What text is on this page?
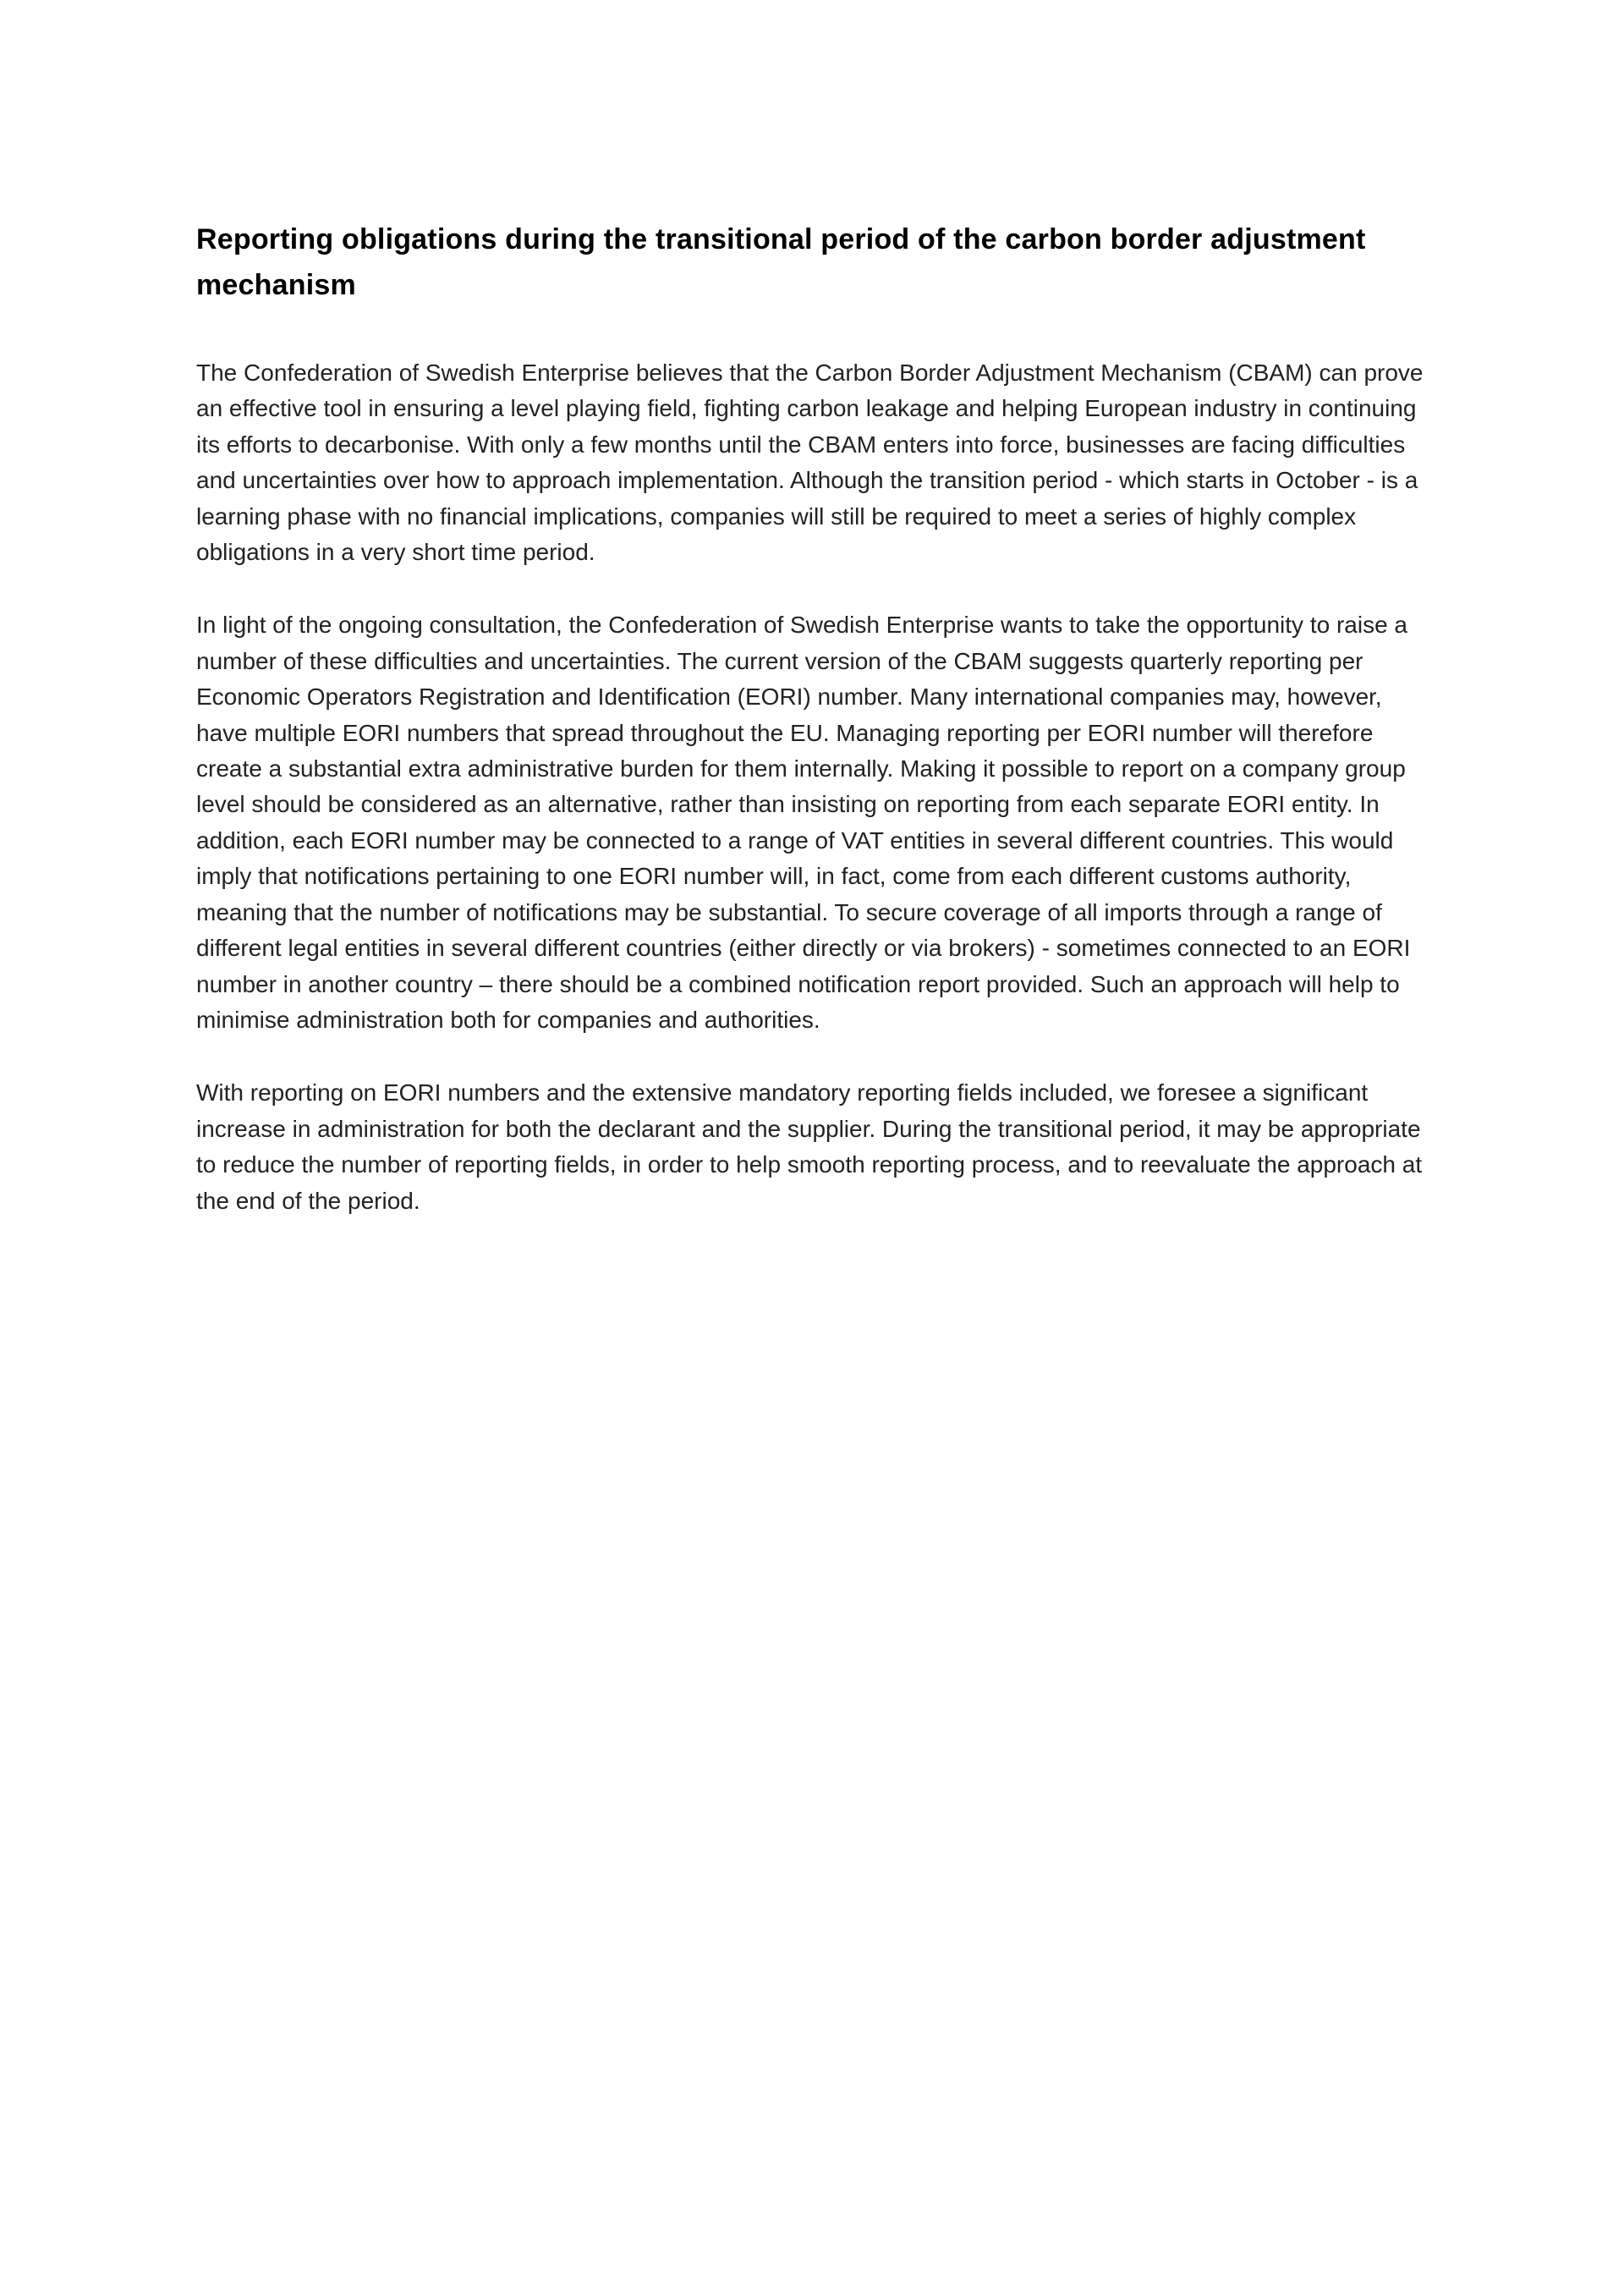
Reporting obligations during the transitional period of the carbon border adjustment mechanism

The Confederation of Swedish Enterprise believes that the Carbon Border Adjustment Mechanism (CBAM) can prove an effective tool in ensuring a level playing field, fighting carbon leakage and helping European industry in continuing its efforts to decarbonise. With only a few months until the CBAM enters into force, businesses are facing difficulties and uncertainties over how to approach implementation. Although the transition period - which starts in October - is a learning phase with no financial implications, companies will still be required to meet a series of highly complex obligations in a very short time period.

In light of the ongoing consultation, the Confederation of Swedish Enterprise wants to take the opportunity to raise a number of these difficulties and uncertainties. The current version of the CBAM suggests quarterly reporting per Economic Operators Registration and Identification (EORI) number. Many international companies may, however, have multiple EORI numbers that spread throughout the EU. Managing reporting per EORI number will therefore create a substantial extra administrative burden for them internally. Making it possible to report on a company group level should be considered as an alternative, rather than insisting on reporting from each separate EORI entity. In addition, each EORI number may be connected to a range of VAT entities in several different countries. This would imply that notifications pertaining to one EORI number will, in fact, come from each different customs authority, meaning that the number of notifications may be substantial. To secure coverage of all imports through a range of different legal entities in several different countries (either directly or via brokers) - sometimes connected to an EORI number in another country – there should be a combined notification report provided. Such an approach will help to minimise administration both for companies and authorities.

With reporting on EORI numbers and the extensive mandatory reporting fields included, we foresee a significant increase in administration for both the declarant and the supplier. During the transitional period, it may be appropriate to reduce the number of reporting fields, in order to help smooth reporting process, and to reevaluate the approach at the end of the period.
